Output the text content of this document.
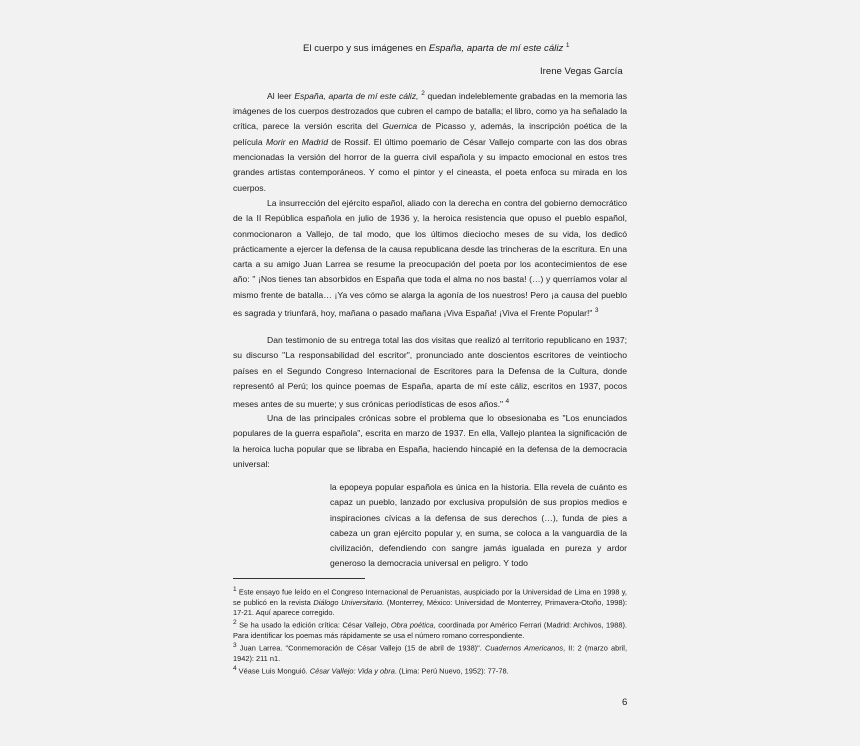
El cuerpo y sus imágenes en España, aparta de mí este cáliz $^1$
Irene Vegas García
Al leer España, aparta de mí este cáliz, $^2$ quedan indeleblemente grabadas en la memoria las imágenes de los cuerpos destrozados que cubren el campo de batalla; el libro, como ya ha señalado la crítica, parece la versión escrita del Guernica de Picasso y, además, la inscripción poética de la película Morir en Madrid de Rossif. El último poemario de César Vallejo comparte con las dos obras mencionadas la versión del horror de la guerra civil española y su impacto emocional en estos tres grandes artistas contemporáneos. Y como el pintor y el cineasta, el poeta enfoca su mirada en los cuerpos.
La insurrección del ejército español, aliado con la derecha en contra del gobierno democrático de la II República española en julio de 1936 y, la heroica resistencia que opuso el pueblo español, conmocionaron a Vallejo, de tal modo, que los últimos dieciocho meses de su vida, los dedicó prácticamente a ejercer la defensa de la causa republicana desde las trincheras de la escritura. En una carta a su amigo Juan Larrea se resume la preocupación del poeta por los acontecimientos de ese año: " ¡Nos tienes tan absorbidos en España que toda el alma no nos basta! (…) y querríamos volar al mismo frente de batalla… ¡Ya ves cómo se alarga la agonía de los nuestros! Pero ¡a causa del pueblo es sagrada y triunfará, hoy, mañana o pasado mañana ¡Viva España! ¡Viva el Frente Popular!" $^3$
Dan testimonio de su entrega total las dos visitas que realizó al territorio republicano en 1937; su discurso "La responsabilidad del escritor", pronunciado ante doscientos escritores de veintiocho países en el Segundo Congreso Internacional de Escritores para la Defensa de la Cultura, donde representó al Perú; los quince poemas de España, aparta de mí este cáliz, escritos en 1937, pocos meses antes de su muerte; y sus crónicas periodísticas de esos años." $^4$
Una de las principales crónicas sobre el problema que lo obsesionaba es "Los enunciados populares de la guerra española", escrita en marzo de 1937. En ella, Vallejo plantea la significación de la heroica lucha popular que se libraba en España, haciendo hincapié en la defensa de la democracia universal:
la epopeya popular española es única en la historia. Ella revela de cuánto es capaz un pueblo, lanzado por exclusiva propulsión de sus propios medios e inspiraciones cívicas a la defensa de sus derechos (…), funda de pies a cabeza un gran ejército popular y, en suma, se coloca a la vanguardia de la civilización, defendiendo con sangre jamás igualada en pureza y ardor generoso la democracia universal en peligro. Y todo
$^1$ Este ensayo fue leído en el Congreso Internacional de Peruanistas, auspiciado por la Universidad de Lima en 1998 y, se publicó en la revista Diálogo Universitario. (Monterrey, México: Universidad de Monterrey, Primavera-Otoño, 1998): 17-21. Aquí aparece corregido.
$^2$ Se ha usado la edición crítica: César Vallejo, Obra poética, coordinada por Américo Ferrari (Madrid: Archivos, 1988). Para identificar los poemas más rápidamente se usa el número romano correspondiente.
$^3$ Juan Larrea. "Conmemoración de César Vallejo (15 de abril de 1938)". Cuadernos Americanos, II: 2 (marzo abril, 1942): 211 n1.
$^4$ Véase Luis Monguió. César Vallejo: Vida y obra. (Lima: Perú Nuevo, 1952): 77-78.
6
